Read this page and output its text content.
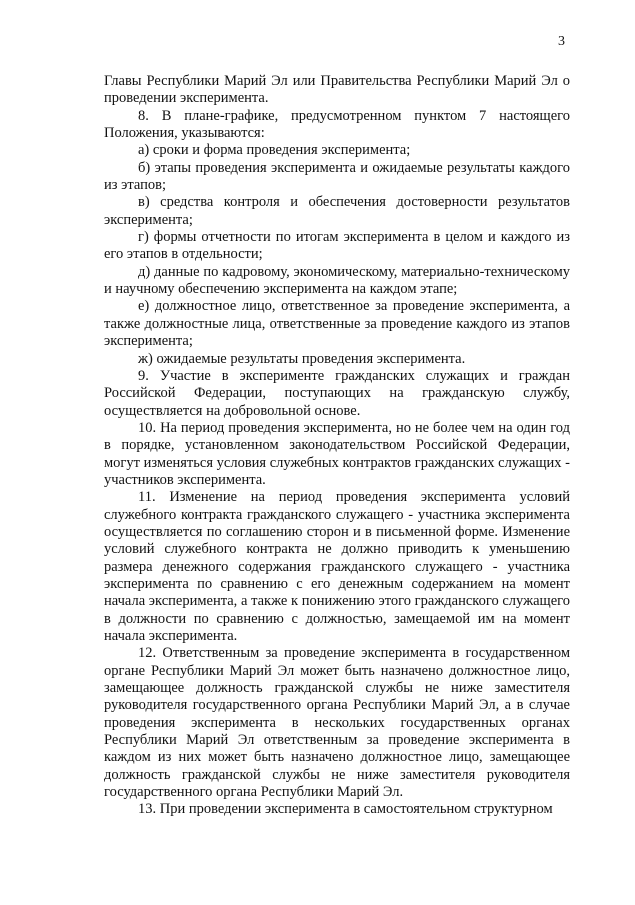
3

Главы Республики Марий Эл или Правительства Республики Марий Эл о проведении эксперимента.

8. В плане-графике, предусмотренном пунктом 7 настоящего Положения, указываются:

а) сроки и форма проведения эксперимента;

б) этапы проведения эксперимента и ожидаемые результаты каждого из этапов;

в) средства контроля и обеспечения достоверности результатов эксперимента;

г) формы отчетности по итогам эксперимента в целом и каждого из его этапов в отдельности;

д) данные по кадровому, экономическому, материально-техническому и научному обеспечению эксперимента на каждом этапе;

е) должностное лицо, ответственное за проведение эксперимента, а также должностные лица, ответственные за проведение каждого из этапов эксперимента;

ж) ожидаемые результаты проведения эксперимента.

9. Участие в эксперименте гражданских служащих и граждан Российской Федерации, поступающих на гражданскую службу, осуществляется на добровольной основе.

10. На период проведения эксперимента, но не более чем на один год в порядке, установленном законодательством Российской Федерации, могут изменяться условия служебных контрактов гражданских служащих - участников эксперимента.

11. Изменение на период проведения эксперимента условий служебного контракта гражданского служащего - участника эксперимента осуществляется по соглашению сторон и в письменной форме. Изменение условий служебного контракта не должно приводить к уменьшению размера денежного содержания гражданского служащего - участника эксперимента по сравнению с его денежным содержанием на момент начала эксперимента, а также к понижению этого гражданского служащего в должности по сравнению с должностью, замещаемой им на момент начала эксперимента.

12. Ответственным за проведение эксперимента в государственном органе Республики Марий Эл может быть назначено должностное лицо, замещающее должность гражданской службы не ниже заместителя руководителя государственного органа Республики Марий Эл, а в случае проведения эксперимента в нескольких государственных органах Республики Марий Эл ответственным за проведение эксперимента в каждом из них может быть назначено должностное лицо, замещающее должность гражданской службы не ниже заместителя руководителя государственного органа Республики Марий Эл.

13. При проведении эксперимента в самостоятельном структурном
